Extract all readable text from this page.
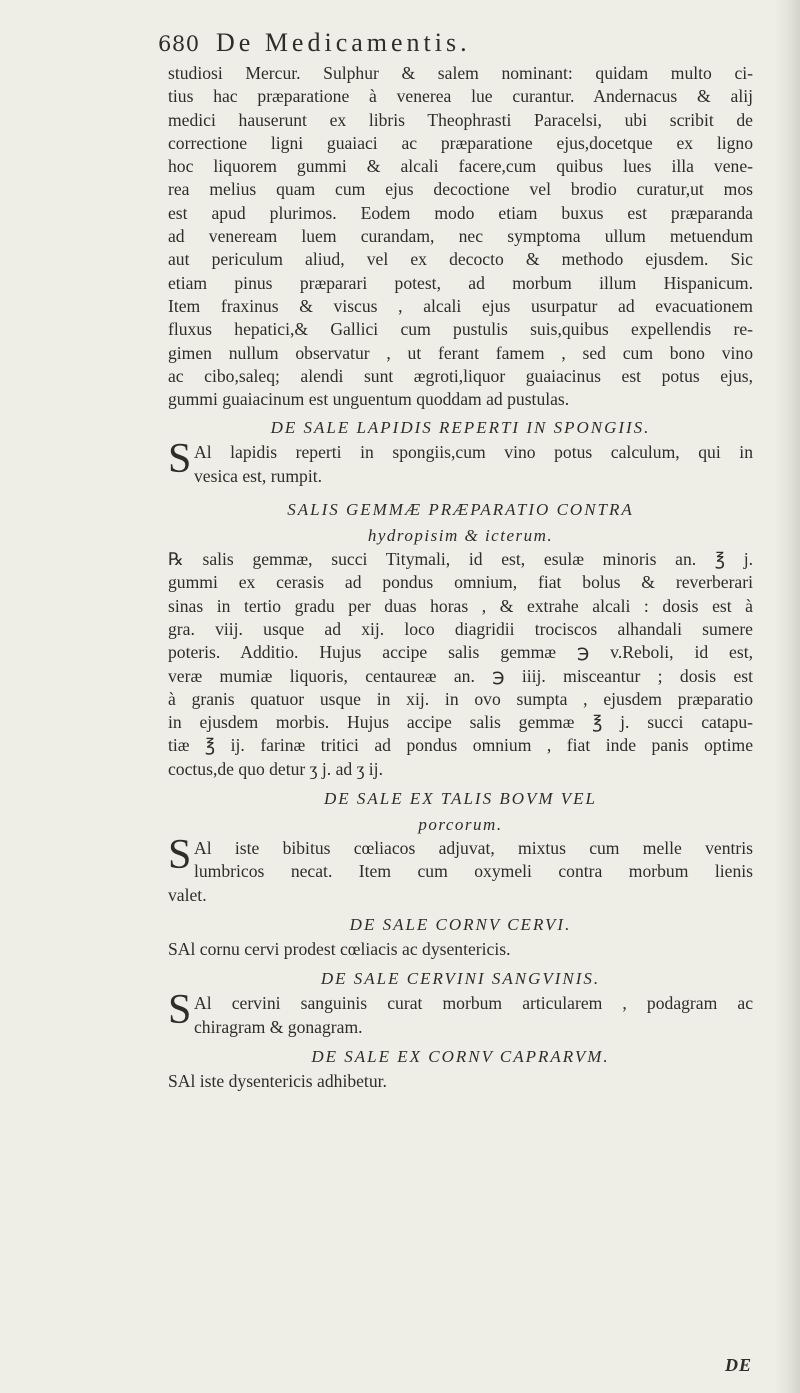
680 De Medicamentis.
studiosi Mercur. Sulphur & salem nominant: quidam multo ci-
tius hac præparatione à venerea lue curantur. Andernacus & alij
medici hauserunt ex libris Theophrasti Paracelsi, ubi scribit de
correctione ligni guaiaci ac præparatione ejus,docetque ex ligno
hoc liquorem gummi & alcali facere,cum quibus lues illa vene-
rea melius quam cum ejus decoctione vel brodio curatur,ut mos
est apud plurimos. Eodem modo etiam buxus est præparanda
ad veneream luem curandam, nec symptoma ullum metuendum
aut periculum aliud, vel ex decocto & methodo ejusdem. Sic
etiam pinus præparari potest, ad morbum illum Hispanicum.
Item fraxinus & viscus , alcali ejus usurpatur ad evacuationem
fluxus hepatici,& Gallici cum pustulis suis,quibus expellendis re-
gimen nullum observatur , ut ferant famem , sed cum bono vino
ac cibo,saleq; alendi sunt ægroti,liquor guaiacinus est potus ejus,
gummi guaiacinum est unguentum quoddam ad pustulas.
DE SALE LAPIDIS REPERTI IN SPONGIIS.
S Al lapidis reperti in spongiis,cum vino potus calculum, qui in
vesica est, rumpit.
SALIS GEMMÆ PRÆPARATIO CONTRA
hydropisim & icterum.
℞ salis gemmæ, succi Titymali, id est, esulæ minoris an. ℥ j.
gummi ex cerasis ad pondus omnium, fiat bolus & reverberari
sinas in tertio gradu per duas horas , & extrahe alcali : dosis est à
gra. viij. usque ad xij. loco diagridii trociscos alhandali sumere
poteris. Additio. Hujus accipe salis gemmæ ℈ v.Reboli, id est,
veræ mumiæ liquoris, centaureæ an. ℈ iiij. misceantur ; dosis est
à granis quatuor usque in xij. in ovo sumpta , ejusdem præparatio
in ejusdem morbis. Hujus accipe salis gemmæ ℥ j. succi catapu-
tiæ ℥ ij. farinæ tritici ad pondus omnium , fiat inde panis optime
coctus,de quo detur ʒ j. ad ʒ ij.
DE SALE EX TALIS BOVM VEL
porcorum.
S Al iste bibitus cœliacos adjuvat, mixtus cum melle ventris
lumbricos necat. Item cum oxymeli contra morbum lienis
valet.
DE SALE CORNV CERVI.
SAl cornu cervi prodest cœliacis ac dysentericis.
DE SALE CERVINI SANGVINIS.
S Al cervini sanguinis curat morbum articularem , podagram ac
chiragram & gonagram.
DE SALE EX CORNV CAPRARVM.
SAl iste dysentericis adhibetur.
DE
